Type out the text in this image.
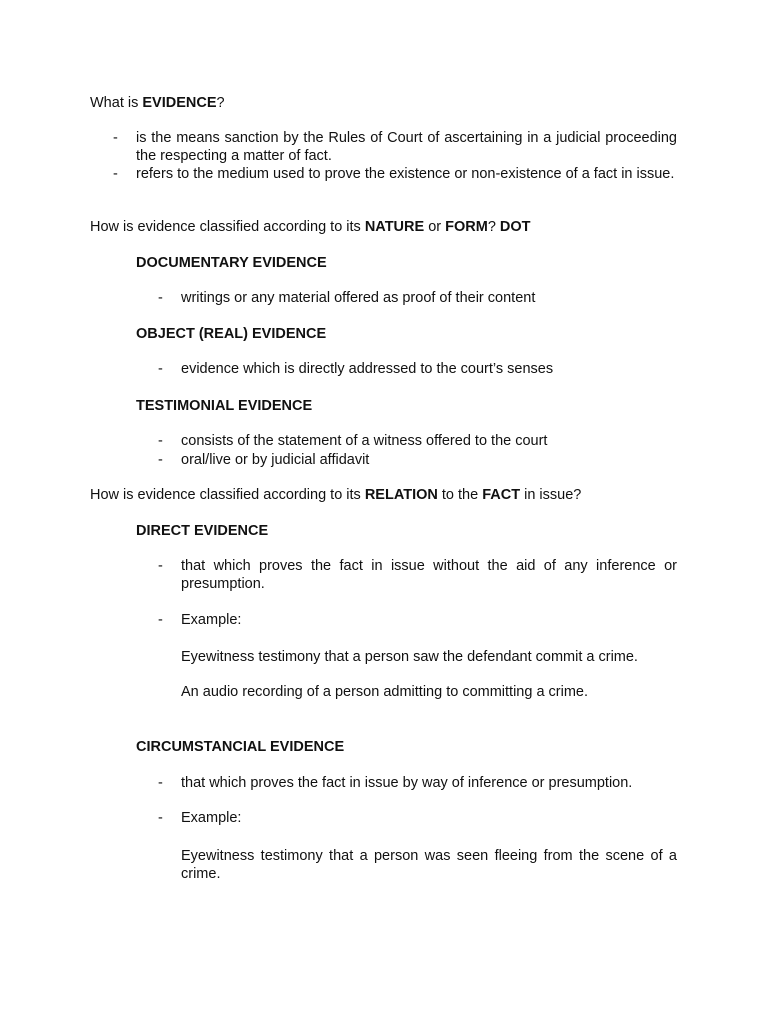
What is EVIDENCE?

-	is the means sanction by the Rules of Court of ascertaining in a judicial proceeding the respecting a matter of fact.

-	refers to the medium used to prove the existence or non-existence of a fact in issue.

How is evidence classified according to its NATURE or FORM? DOT

DOCUMENTARY EVIDENCE

-	writings or any material offered as proof of their content

OBJECT (REAL) EVIDENCE

-	evidence which is directly addressed to the court’s senses

TESTIMONIAL EVIDENCE

-	consists of the statement of a witness offered to the court

-	oral/live or by judicial affidavit

How is evidence classified according to its RELATION to the FACT in issue?

DIRECT EVIDENCE

-	that which proves the fact in issue without the aid of any inference or presumption.

-	Example:

Eyewitness testimony that a person saw the defendant commit a crime.

An audio recording of a person admitting to committing a crime.

CIRCUMSTANCIAL EVIDENCE

-	that which proves the fact in issue by way of inference or presumption.

-	Example:

Eyewitness testimony that a person was seen fleeing from the scene of a crime.
